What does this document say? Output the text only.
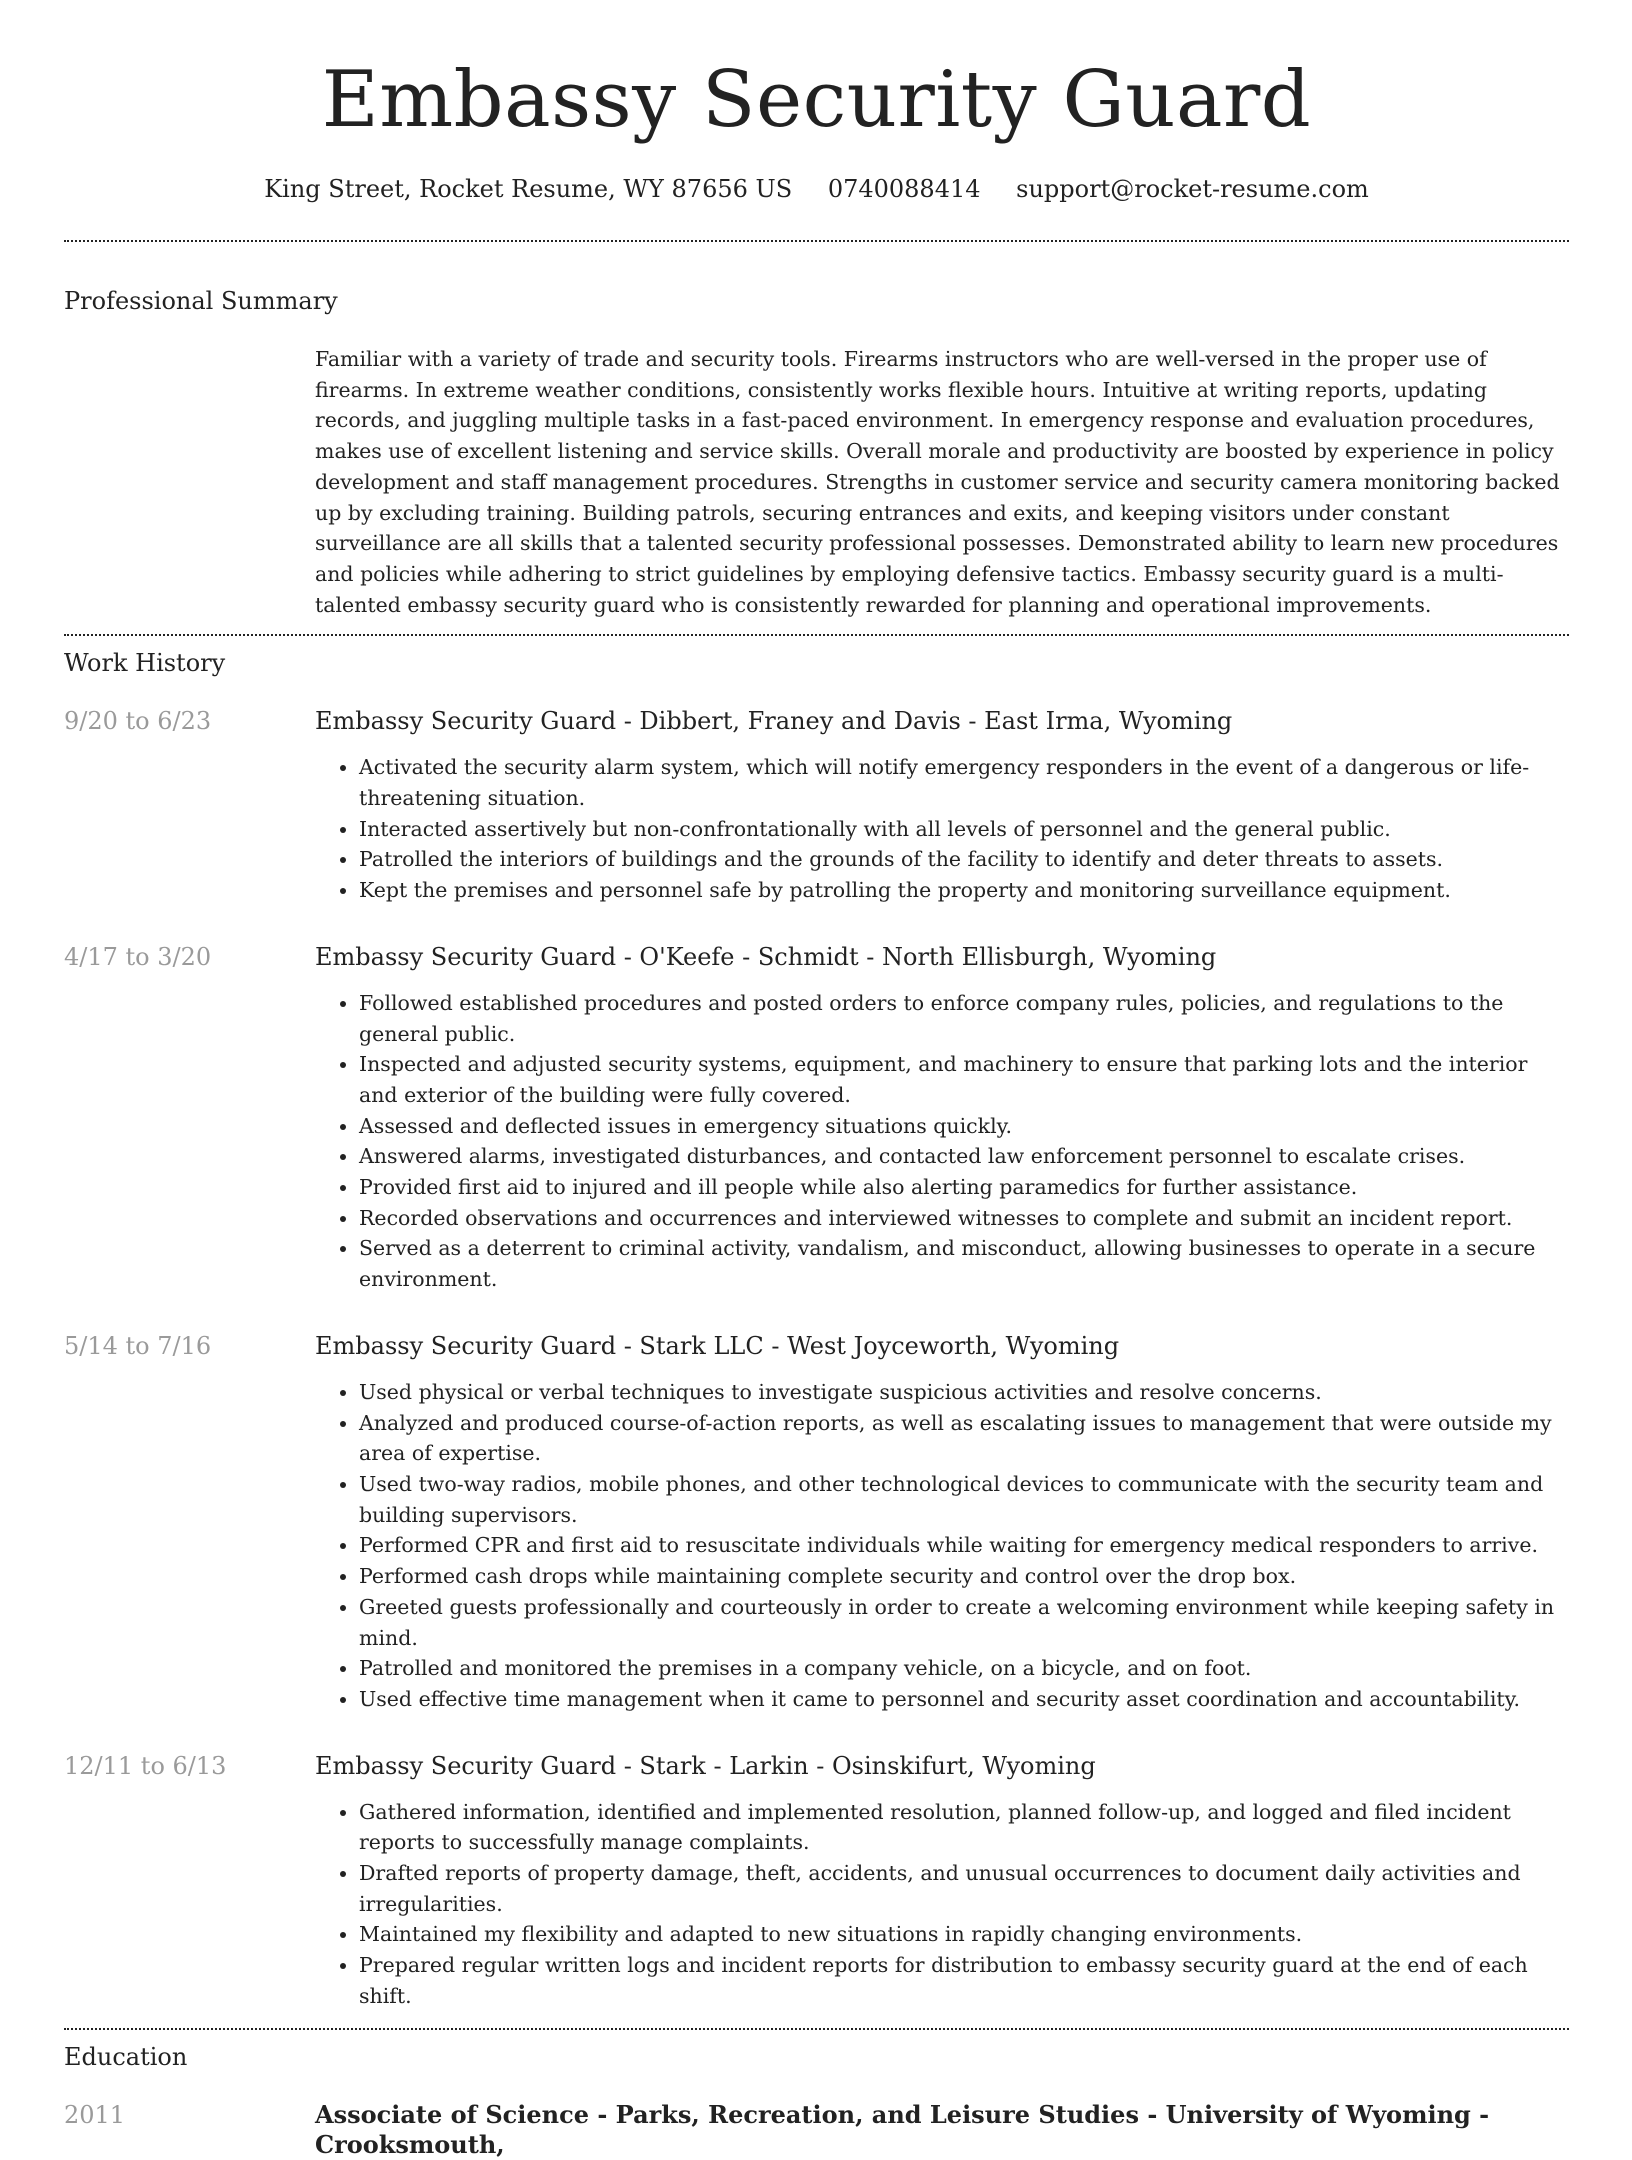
Embassy Security Guard
King Street, Rocket Resume, WY 87656 US 0740088414 support@rocket-resume.com
Professional Summary
Familiar with a variety of trade and security tools. Firearms instructors who are well-versed in the proper use of firearms. In extreme weather conditions, consistently works flexible hours. Intuitive at writing reports, updating records, and juggling multiple tasks in a fast-paced environment. In emergency response and evaluation procedures, makes use of excellent listening and service skills. Overall morale and productivity are boosted by experience in policy development and staff management procedures. Strengths in customer service and security camera monitoring backed up by excluding training. Building patrols, securing entrances and exits, and keeping visitors under constant surveillance are all skills that a talented security professional possesses. Demonstrated ability to learn new procedures and policies while adhering to strict guidelines by employing defensive tactics. Embassy security guard is a multi-talented embassy security guard who is consistently rewarded for planning and operational improvements.
Work History
9/20 to 6/23	Embassy Security Guard - Dibbert, Franey and Davis - East Irma, Wyoming
• Activated the security alarm system, which will notify emergency responders in the event of a dangerous or life-threatening situation.
• Interacted assertively but non-confrontationally with all levels of personnel and the general public.
• Patrolled the interiors of buildings and the grounds of the facility to identify and deter threats to assets.
• Kept the premises and personnel safe by patrolling the property and monitoring surveillance equipment.
4/17 to 3/20	Embassy Security Guard - O'Keefe - Schmidt - North Ellisburgh, Wyoming
• Followed established procedures and posted orders to enforce company rules, policies, and regulations to the general public.
• Inspected and adjusted security systems, equipment, and machinery to ensure that parking lots and the interior and exterior of the building were fully covered.
• Assessed and deflected issues in emergency situations quickly.
• Answered alarms, investigated disturbances, and contacted law enforcement personnel to escalate crises.
• Provided first aid to injured and ill people while also alerting paramedics for further assistance.
• Recorded observations and occurrences and interviewed witnesses to complete and submit an incident report.
• Served as a deterrent to criminal activity, vandalism, and misconduct, allowing businesses to operate in a secure environment.
5/14 to 7/16	Embassy Security Guard - Stark LLC - West Joyceworth, Wyoming
• Used physical or verbal techniques to investigate suspicious activities and resolve concerns.
• Analyzed and produced course-of-action reports, as well as escalating issues to management that were outside my area of expertise.
• Used two-way radios, mobile phones, and other technological devices to communicate with the security team and building supervisors.
• Performed CPR and first aid to resuscitate individuals while waiting for emergency medical responders to arrive.
• Performed cash drops while maintaining complete security and control over the drop box.
• Greeted guests professionally and courteously in order to create a welcoming environment while keeping safety in mind.
• Patrolled and monitored the premises in a company vehicle, on a bicycle, and on foot.
• Used effective time management when it came to personnel and security asset coordination and accountability.
12/11 to 6/13	Embassy Security Guard - Stark - Larkin - Osinskifurt, Wyoming
• Gathered information, identified and implemented resolution, planned follow-up, and logged and filed incident reports to successfully manage complaints.
• Drafted reports of property damage, theft, accidents, and unusual occurrences to document daily activities and irregularities.
• Maintained my flexibility and adapted to new situations in rapidly changing environments.
• Prepared regular written logs and incident reports for distribution to embassy security guard at the end of each shift.
Education
2011	Associate of Science - Parks, Recreation, and Leisure Studies - University of Wyoming - Crooksmouth,
